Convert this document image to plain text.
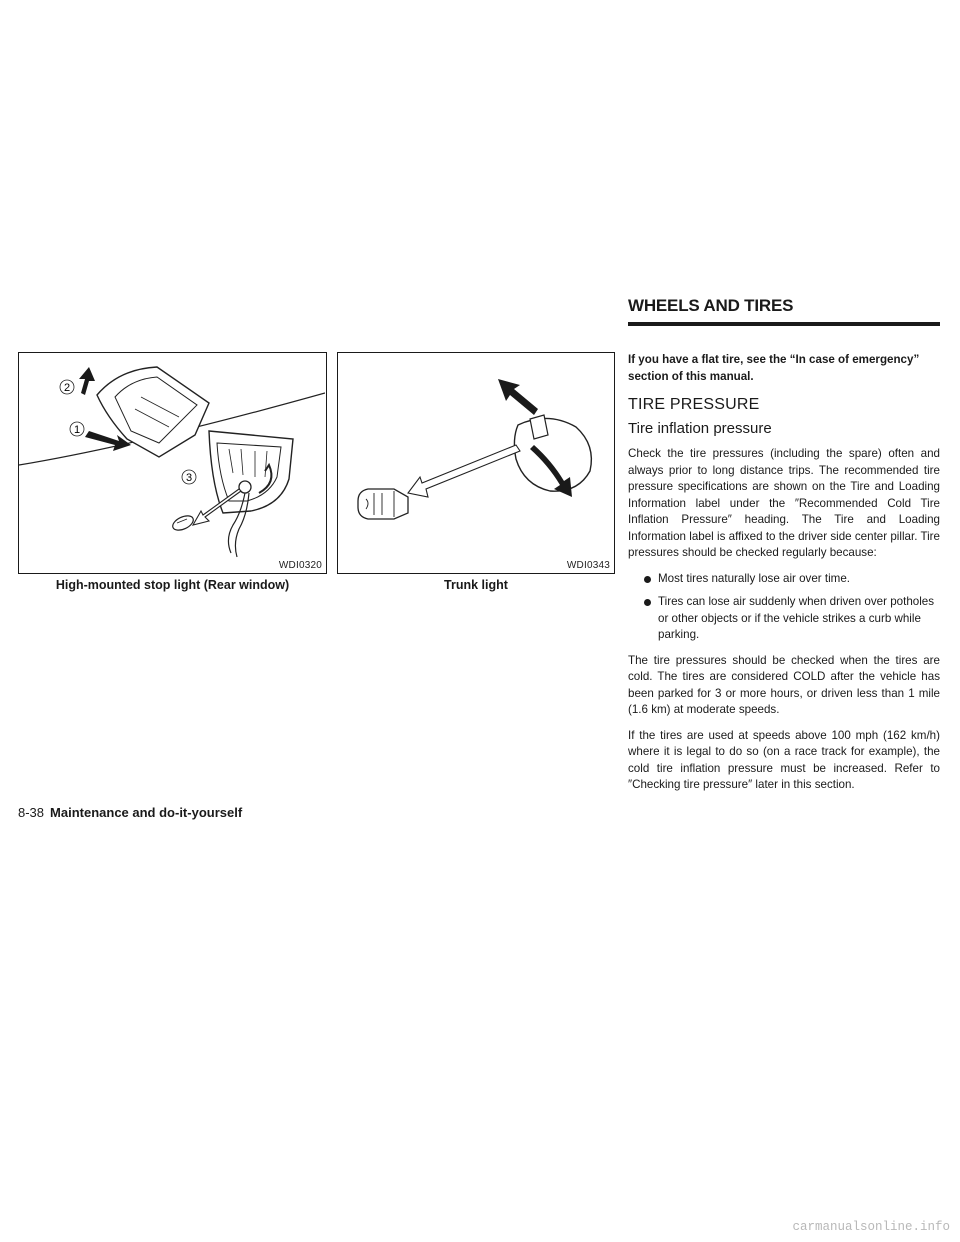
WHEELS AND TIRES
2
1
3
WDI0320
High-mounted stop light (Rear window)
WDI0343
Trunk light

If you have a flat tire, see the “In case of emergency” section of this manual.

TIRE PRESSURE
Tire inflation pressure

Check the tire pressures (including the spare) often and always prior to long distance trips. The recommended tire pressure specifications are shown on the Tire and Loading Information label under the ″Recommended Cold Tire Inflation Pressure″ heading. The Tire and Loading Information label is affixed to the driver side center pillar. Tire pressures should be checked regularly because:

Most tires naturally lose air over time.
Tires can lose air suddenly when driven over potholes or other objects or if the vehicle strikes a curb while parking.

The tire pressures should be checked when the tires are cold. The tires are considered COLD after the vehicle has been parked for 3 or more hours, or driven less than 1 mile (1.6 km) at moderate speeds.

If the tires are used at speeds above 100 mph (162 km/h) where it is legal to do so (on a race track for example), the cold tire inflation pressure must be increased. Refer to ″Checking tire pressure″ later in this section.

8-38 Maintenance and do-it-yourself
carmanualsonline.info
